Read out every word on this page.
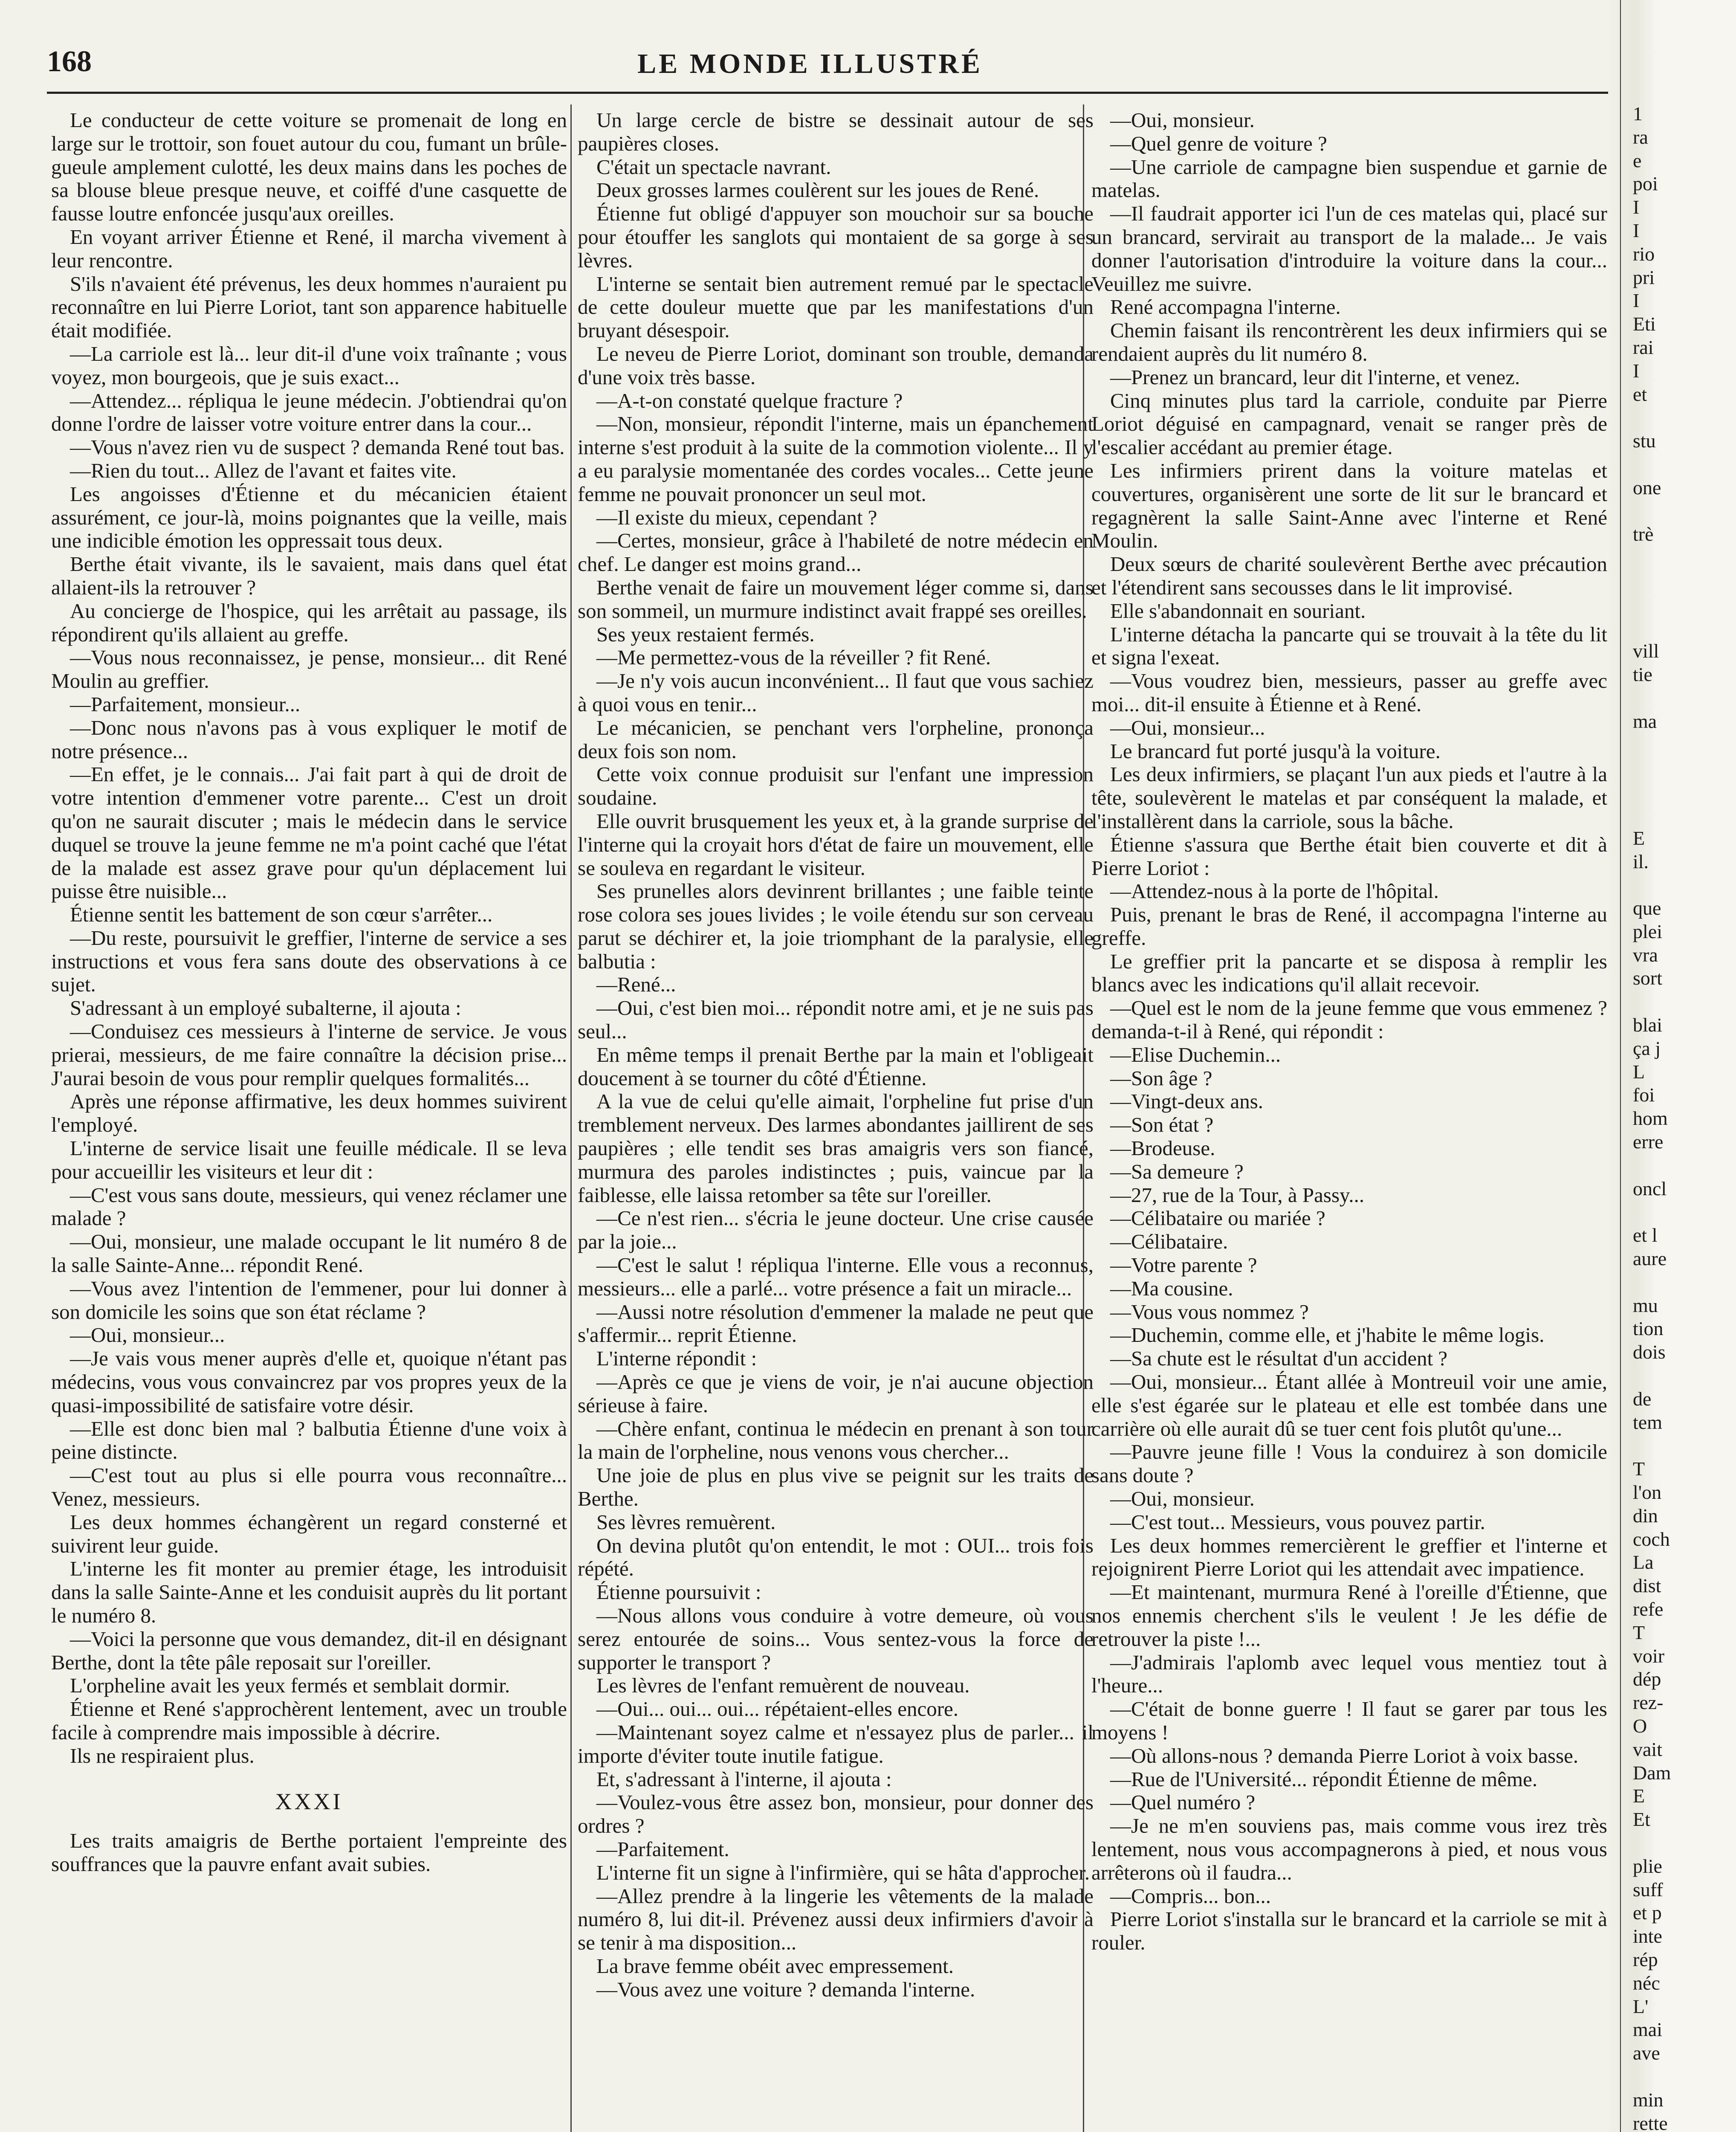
168	LE MONDE ILLUSTRÉ

Le conducteur de cette voiture se promenait de long en large sur le trottoir, son fouet autour du cou, fumant un brûle-gueule amplement culotté, les deux mains dans les poches de sa blouse bleue presque neuve, et coiffé d'une casquette de fausse loutre enfoncée jusqu'aux oreilles.

En voyant arriver Étienne et René, il marcha vivement à leur rencontre.

S'ils n'avaient été prévenus, les deux hommes n'auraient pu reconnaître en lui Pierre Loriot, tant son apparence habituelle était modifiée.

—La carriole est là... leur dit-il d'une voix traînante ; vous voyez, mon bourgeois, que je suis exact...

—Attendez... répliqua le jeune médecin. J'obtiendrai qu'on donne l'ordre de laisser votre voiture entrer dans la cour...

—Vous n'avez rien vu de suspect ? demanda René tout bas.

—Rien du tout... Allez de l'avant et faites vite.

Les angoisses d'Étienne et du mécanicien étaient assurément, ce jour-là, moins poignantes que la veille, mais une indicible émotion les oppressait tous deux.

Berthe était vivante, ils le savaient, mais dans quel état allaient-ils la retrouver ?

Au concierge de l'hospice, qui les arrêtait au passage, ils répondirent qu'ils allaient au greffe.

—Vous nous reconnaissez, je pense, monsieur... dit René Moulin au greffier.

—Parfaitement, monsieur...

—Donc nous n'avons pas à vous expliquer le motif de notre présence...

—En effet, je le connais... J'ai fait part à qui de droit de votre intention d'emmener votre parente... C'est un droit qu'on ne saurait discuter ; mais le médecin dans le service duquel se trouve la jeune femme ne m'a point caché que l'état de la malade est assez grave pour qu'un déplacement lui puisse être nuisible...

Étienne sentit les battement de son cœur s'arrêter...

—Du reste, poursuivit le greffier, l'interne de service a ses instructions et vous fera sans doute des observations à ce sujet.

S'adressant à un employé subalterne, il ajouta :

—Conduisez ces messieurs à l'interne de service. Je vous prierai, messieurs, de me faire connaître la décision prise... J'aurai besoin de vous pour remplir quelques formalités...

Après une réponse affirmative, les deux hommes suivirent l'employé.

L'interne de service lisait une feuille médicale. Il se leva pour accueillir les visiteurs et leur dit :

—C'est vous sans doute, messieurs, qui venez réclamer une malade ?

—Oui, monsieur, une malade occupant le lit numéro 8 de la salle Sainte-Anne... répondit René.

—Vous avez l'intention de l'emmener, pour lui donner à son domicile les soins que son état réclame ?

—Oui, monsieur...

—Je vais vous mener auprès d'elle et, quoique n'étant pas médecins, vous vous convaincrez par vos propres yeux de la quasi-impossibilité de satisfaire votre désir.

—Elle est donc bien mal ? balbutia Étienne d'une voix à peine distincte.

—C'est tout au plus si elle pourra vous reconnaître... Venez, messieurs.

Les deux hommes échangèrent un regard consterné et suivirent leur guide.

L'interne les fit monter au premier étage, les introduisit dans la salle Sainte-Anne et les conduisit auprès du lit portant le numéro 8.

—Voici la personne que vous demandez, dit-il en désignant Berthe, dont la tête pâle reposait sur l'oreiller.

L'orpheline avait les yeux fermés et semblait dormir.

Étienne et René s'approchèrent lentement, avec un trouble facile à comprendre mais impossible à décrire.

Ils ne respiraient plus.

XXXI

Les traits amaigris de Berthe portaient l'empreinte des souffrances que la pauvre enfant avait subies.

Un large cercle de bistre se dessinait autour de ses paupières closes.

C'était un spectacle navrant.

Deux grosses larmes coulèrent sur les joues de René.

Étienne fut obligé d'appuyer son mouchoir sur sa bouche pour étouffer les sanglots qui montaient de sa gorge à ses lèvres.

L'interne se sentait bien autrement remué par le spectacle de cette douleur muette que par les manifestations d'un bruyant désespoir.

Le neveu de Pierre Loriot, dominant son trouble, demanda d'une voix très basse.

—A-t-on constaté quelque fracture ?

—Non, monsieur, répondit l'interne, mais un épanchement interne s'est produit à la suite de la commotion violente... Il y a eu paralysie momentanée des cordes vocales... Cette jeune femme ne pouvait prononcer un seul mot.

—Il existe du mieux, cependant ?

—Certes, monsieur, grâce à l'habileté de notre médecin en chef. Le danger est moins grand...

Berthe venait de faire un mouvement léger comme si, dans son sommeil, un murmure indistinct avait frappé ses oreilles.

Ses yeux restaient fermés.

—Me permettez-vous de la réveiller ? fit René.

—Je n'y vois aucun inconvénient... Il faut que vous sachiez à quoi vous en tenir...

Le mécanicien, se penchant vers l'orpheline, prononça deux fois son nom.

Cette voix connue produisit sur l'enfant une impression soudaine.

Elle ouvrit brusquement les yeux et, à la grande surprise de l'interne qui la croyait hors d'état de faire un mouvement, elle se souleva en regardant le visiteur.

Ses prunelles alors devinrent brillantes ; une faible teinte rose colora ses joues livides ; le voile étendu sur son cerveau parut se déchirer et, la joie triomphant de la paralysie, elle balbutia :

—René...

—Oui, c'est bien moi... répondit notre ami, et je ne suis pas seul...

En même temps il prenait Berthe par la main et l'obligeait doucement à se tourner du côté d'Étienne.

A la vue de celui qu'elle aimait, l'orpheline fut prise d'un tremblement nerveux. Des larmes abondantes jaillirent de ses paupières ; elle tendit ses bras amaigris vers son fiancé, murmura des paroles indistinctes ; puis, vaincue par la faiblesse, elle laissa retomber sa tête sur l'oreiller.

—Ce n'est rien... s'écria le jeune docteur. Une crise causée par la joie...

—C'est le salut ! répliqua l'interne. Elle vous a reconnus, messieurs... elle a parlé... votre présence a fait un miracle...

—Aussi notre résolution d'emmener la malade ne peut que s'affermir... reprit Étienne.

L'interne répondit :

—Après ce que je viens de voir, je n'ai aucune objection sérieuse à faire.

—Chère enfant, continua le médecin en prenant à son tour la main de l'orpheline, nous venons vous chercher...

Une joie de plus en plus vive se peignit sur les traits de Berthe.

Ses lèvres remuèrent.

On devina plutôt qu'on entendit, le mot : OUI... trois fois répété.

Étienne poursuivit :

—Nous allons vous conduire à votre demeure, où vous serez entourée de soins... Vous sentez-vous la force de supporter le transport ?

Les lèvres de l'enfant remuèrent de nouveau.

—Oui... oui... oui... répétaient-elles encore.

—Maintenant soyez calme et n'essayez plus de parler... il importe d'éviter toute inutile fatigue.

Et, s'adressant à l'interne, il ajouta :

—Voulez-vous être assez bon, monsieur, pour donner des ordres ?

—Parfaitement.

L'interne fit un signe à l'infirmière, qui se hâta d'approcher.

—Allez prendre à la lingerie les vêtements de la malade numéro 8, lui dit-il. Prévenez aussi deux infirmiers d'avoir à se tenir à ma disposition...

La brave femme obéit avec empressement.

—Vous avez une voiture ? demanda l'interne.

—Oui, monsieur.

—Quel genre de voiture ?

—Une carriole de campagne bien suspendue et garnie de matelas.

—Il faudrait apporter ici l'un de ces matelas qui, placé sur un brancard, servirait au transport de la malade... Je vais donner l'autorisation d'introduire la voiture dans la cour... Veuillez me suivre.

René accompagna l'interne.

Chemin faisant ils rencontrèrent les deux infirmiers qui se rendaient auprès du lit numéro 8.

—Prenez un brancard, leur dit l'interne, et venez.

Cinq minutes plus tard la carriole, conduite par Pierre Loriot déguisé en campagnard, venait se ranger près de l'escalier accédant au premier étage.

Les infirmiers prirent dans la voiture matelas et couvertures, organisèrent une sorte de lit sur le brancard et regagnèrent la salle Saint-Anne avec l'interne et René Moulin.

Deux sœurs de charité soulevèrent Berthe avec précaution et l'étendirent sans secousses dans le lit improvisé.

Elle s'abandonnait en souriant.

L'interne détacha la pancarte qui se trouvait à la tête du lit et signa l'exeat.

—Vous voudrez bien, messieurs, passer au greffe avec moi... dit-il ensuite à Étienne et à René.

—Oui, monsieur...

Le brancard fut porté jusqu'à la voiture.

Les deux infirmiers, se plaçant l'un aux pieds et l'autre à la tête, soulevèrent le matelas et par conséquent la malade, et l'installèrent dans la carriole, sous la bâche.

Étienne s'assura que Berthe était bien couverte et dit à Pierre Loriot :

—Attendez-nous à la porte de l'hôpital.

Puis, prenant le bras de René, il accompagna l'interne au greffe.

Le greffier prit la pancarte et se disposa à remplir les blancs avec les indications qu'il allait recevoir.

—Quel est le nom de la jeune femme que vous emmenez ? demanda-t-il à René, qui répondit :

—Elise Duchemin...

—Son âge ?

—Vingt-deux ans.

—Son état ?

—Brodeuse.

—Sa demeure ?

—27, rue de la Tour, à Passy...

—Célibataire ou mariée ?

—Célibataire.

—Votre parente ?

—Ma cousine.

—Vous vous nommez ?

—Duchemin, comme elle, et j'habite le même logis.

—Sa chute est le résultat d'un accident ?

—Oui, monsieur... Étant allée à Montreuil voir une amie, elle s'est égarée sur le plateau et elle est tombée dans une carrière où elle aurait dû se tuer cent fois plutôt qu'une...

—Pauvre jeune fille ! Vous la conduirez à son domicile sans doute ?

—Oui, monsieur.

—C'est tout... Messieurs, vous pouvez partir.

Les deux hommes remercièrent le greffier et l'interne et rejoignirent Pierre Loriot qui les attendait avec impatience.

—Et maintenant, murmura René à l'oreille d'Étienne, que nos ennemis cherchent s'ils le veulent ! Je les défie de retrouver la piste !...

—J'admirais l'aplomb avec lequel vous mentiez tout à l'heure...

—C'était de bonne guerre ! Il faut se garer par tous les moyens !

—Où allons-nous ? demanda Pierre Loriot à voix basse.

—Rue de l'Université... répondit Étienne de même.

—Quel numéro ?

—Je ne m'en souviens pas, mais comme vous irez très lentement, nous vous accompagnerons à pied, et nous vous arrêterons où il faudra...

—Compris... bon...

Pierre Loriot s'installa sur le brancard et la carriole se mit à rouler.

1
ra
e
poi
I
I
rio
pri
I
Eti
rai
I
et
stu
one
trè
vill
tie
ma
E
il.
que
plei
vra
sort
blai
ça j
L
foi
hom
erre
oncl
et l
aure
mu
tion
dois
de
tem
T
l'on
din
coch
La
dist
refe
T
voir
dép
rez-
O
vait
Dam
E
Et
plie
suff
et p
inte
rép
néc
L'
mai
ave
min
rette
